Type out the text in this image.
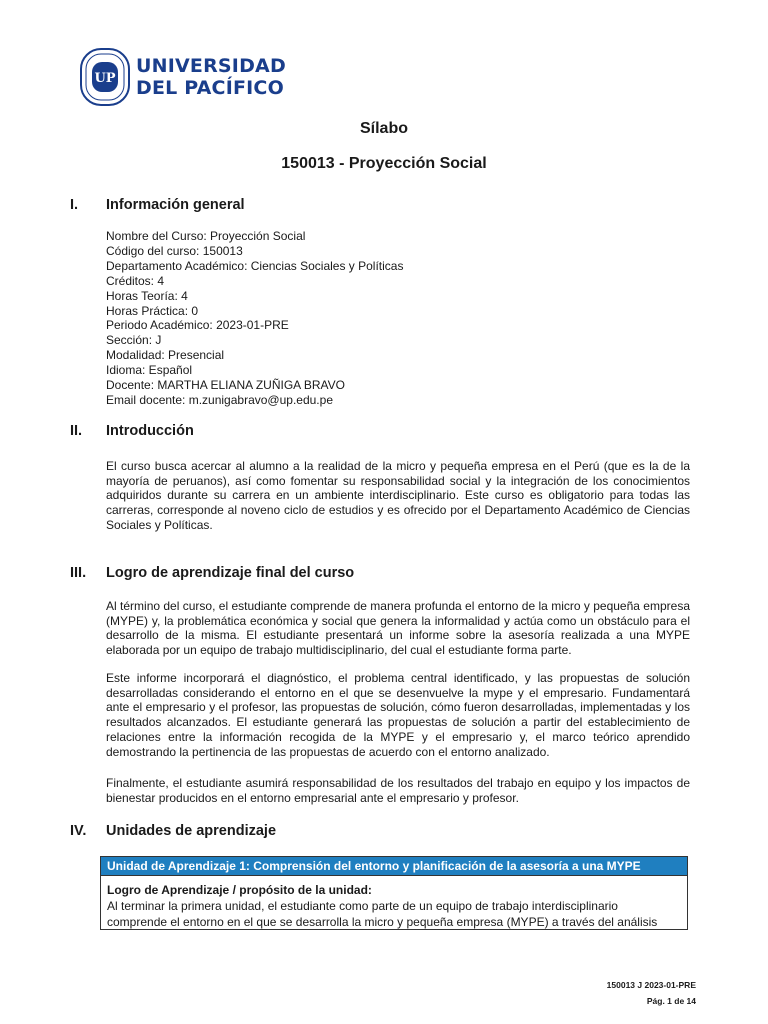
UP
UNIVERSIDAD
DEL PACÍFICO
Sílabo
150013 - Proyección Social
I.	Información general
Nombre del Curso: Proyección Social
Código del curso: 150013
Departamento Académico: Ciencias Sociales y Políticas
Créditos: 4
Horas Teoría: 4
Horas Práctica: 0
Periodo Académico: 2023-01-PRE
Sección: J
Modalidad: Presencial
Idioma: Español
Docente: MARTHA ELIANA ZUÑIGA BRAVO
Email docente: m.zunigabravo@up.edu.pe
II.	Introducción
El curso busca acercar al alumno a la realidad de la micro y pequeña empresa en el Perú (que es la de la mayoría de peruanos), así como fomentar su responsabilidad social y la integración de los conocimientos adquiridos durante su carrera en un ambiente interdisciplinario. Este curso es obligatorio para todas las carreras, corresponde al noveno ciclo de estudios y es ofrecido por el Departamento Académico de Ciencias Sociales y Políticas.
III.	Logro de aprendizaje final del curso
Al término del curso, el estudiante comprende de manera profunda el entorno de la micro y pequeña empresa (MYPE) y, la problemática económica y social que genera la informalidad y actúa como un obstáculo para el desarrollo de la misma. El estudiante presentará un informe sobre la asesoría realizada a una MYPE elaborada por un equipo de trabajo multidisciplinario, del cual el estudiante forma parte.
Este informe incorporará el diagnóstico, el problema central identificado, y las propuestas de solución desarrolladas considerando el entorno en el que se desenvuelve la mype y el empresario. Fundamentará ante el empresario y el profesor, las propuestas de solución, cómo fueron desarrolladas, implementadas y los resultados alcanzados. El estudiante generará las propuestas de solución a partir del establecimiento de relaciones entre la información recogida de la MYPE y el empresario y, el marco teórico aprendido demostrando la pertinencia de las propuestas de acuerdo con el entorno analizado.
Finalmente, el estudiante asumirá responsabilidad de los resultados del trabajo en equipo y los impactos de bienestar producidos en el entorno empresarial ante el empresario y profesor.
IV.	Unidades de aprendizaje
Unidad de Aprendizaje 1: Comprensión del entorno y planificación de la asesoría a una MYPE
Logro de Aprendizaje / propósito de la unidad:
Al terminar la primera unidad, el estudiante como parte de un equipo de trabajo interdisciplinario comprende el entorno en el que se desarrolla la micro y pequeña empresa (MYPE) a través del análisis
150013 J 2023-01-PRE
Pág. 1 de 14
